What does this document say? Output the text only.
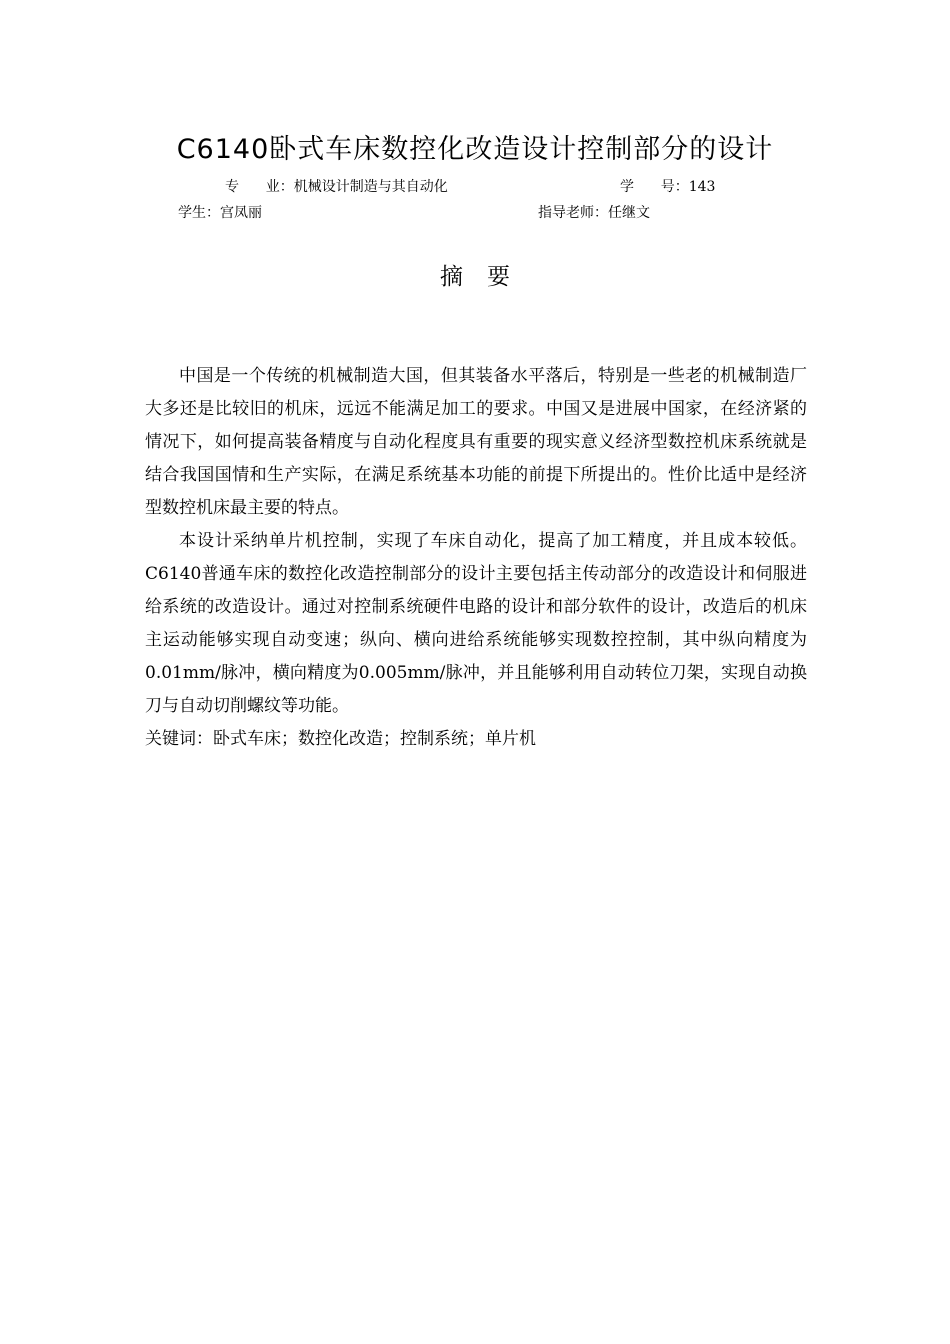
C6140卧式车床数控化改造设计控制部分的设计
专      业：机械设计制造与其自动化	学      号：143
学生：宫凤丽	指导老师：任继文
摘 要

中国是一个传统的机械制造大国，但其装备水平落后，特别是一些老的机械制造厂大多还是比较旧的机床，远远不能满足加工的要求。中国又是进展中国家，在经济紧的情况下，如何提高装备精度与自动化程度具有重要的现实意义经济型数控机床系统就是结合我国国情和生产实际，在满足系统基本功能的前提下所提出的。性价比适中是经济型数控机床最主要的特点。

本设计采纳单片机控制，实现了车床自动化，提高了加工精度，并且成本较低。C6140普通车床的数控化改造控制部分的设计主要包括主传动部分的改造设计和伺服进给系统的改造设计。通过对控制系统硬件电路的设计和部分软件的设计，改造后的机床主运动能够实现自动变速；纵向、横向进给系统能够实现数控控制，其中纵向精度为0.01mm/脉冲，横向精度为0.005mm/脉冲，并且能够利用自动转位刀架，实现自动换刀与自动切削螺纹等功能。

关键词：卧式车床；数控化改造；控制系统；单片机
